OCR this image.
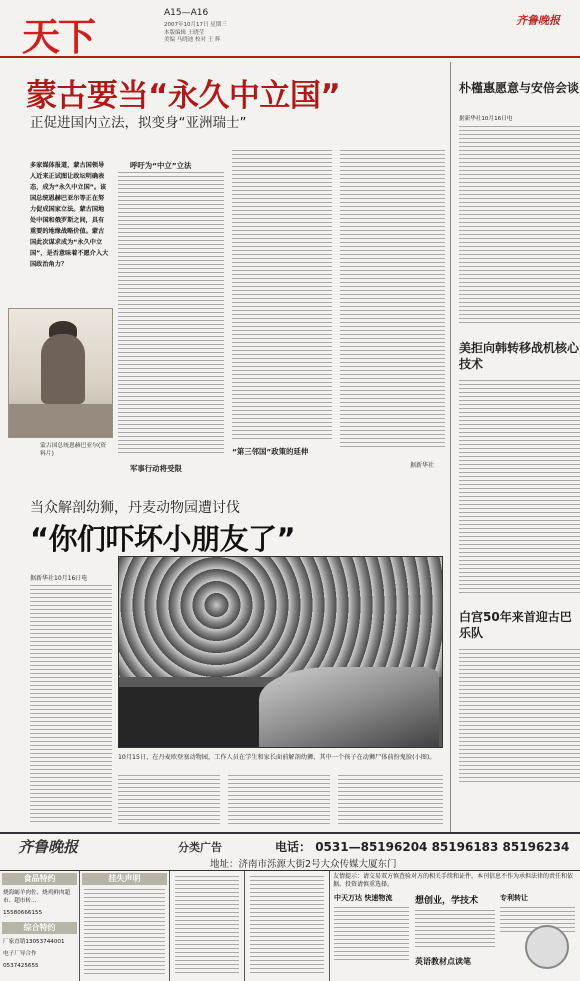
天下
A15—A16
2007年10月17日 星期三
本版编辑 王晓莹
美编 马晓迪 校对 王 辉
齐鲁晚报
蒙古要当“永久中立国”
正促进国内立法，拟变身“亚洲瑞士”
多家媒体报道，蒙古国领导人近来正试图让政坛明确表态，成为“永久中立国”。该国总统恩赫巴亚尔等正在努力促成国家立法。蒙古国地处中国和俄罗斯之间，具有重要的地缘战略价值。蒙古国此次谋求成为“永久中立国”，是否意味着不愿介入大国政治角力？
蒙古国总统恩赫巴亚尔(资料片)
呼吁为“中立”立法
军事行动将受限
“第三邻国”政策的延伸
据新华社
朴槿惠愿意与安倍会谈
据新华社10月16日电
美拒向韩转移战机核心技术
白宫50年来首迎古巴乐队
当众解剖幼狮，丹麦动物园遭讨伐
“你们吓坏小朋友了”
据新华社10月16日电
10月15日，在丹麦欧登塞动物园，工作人员在学生和家长面前解剖幼狮，其中一个孩子在动狮尸体前扮鬼脸(小图)。
齐鲁晚报	分类广告	电话： 0531—85196204 85196183 85196234
地址：济南市泺源大街2号大众传媒大厦东门
食品特约
烧海蛎羊肉佐、烧鸡鲜肉超市、超市转…
15580666155
综合特约
厂家直销13053744001
电子厂导合作
0537425655
挂失声明	友情提示：请交易双方慎查验对方的相关手续和证件。本刊信息不作为承担法律的责任和依据。投资请慎重选择。
中天万达 快速物流	想创业，学技术
英语教材点读笔
专利转让
